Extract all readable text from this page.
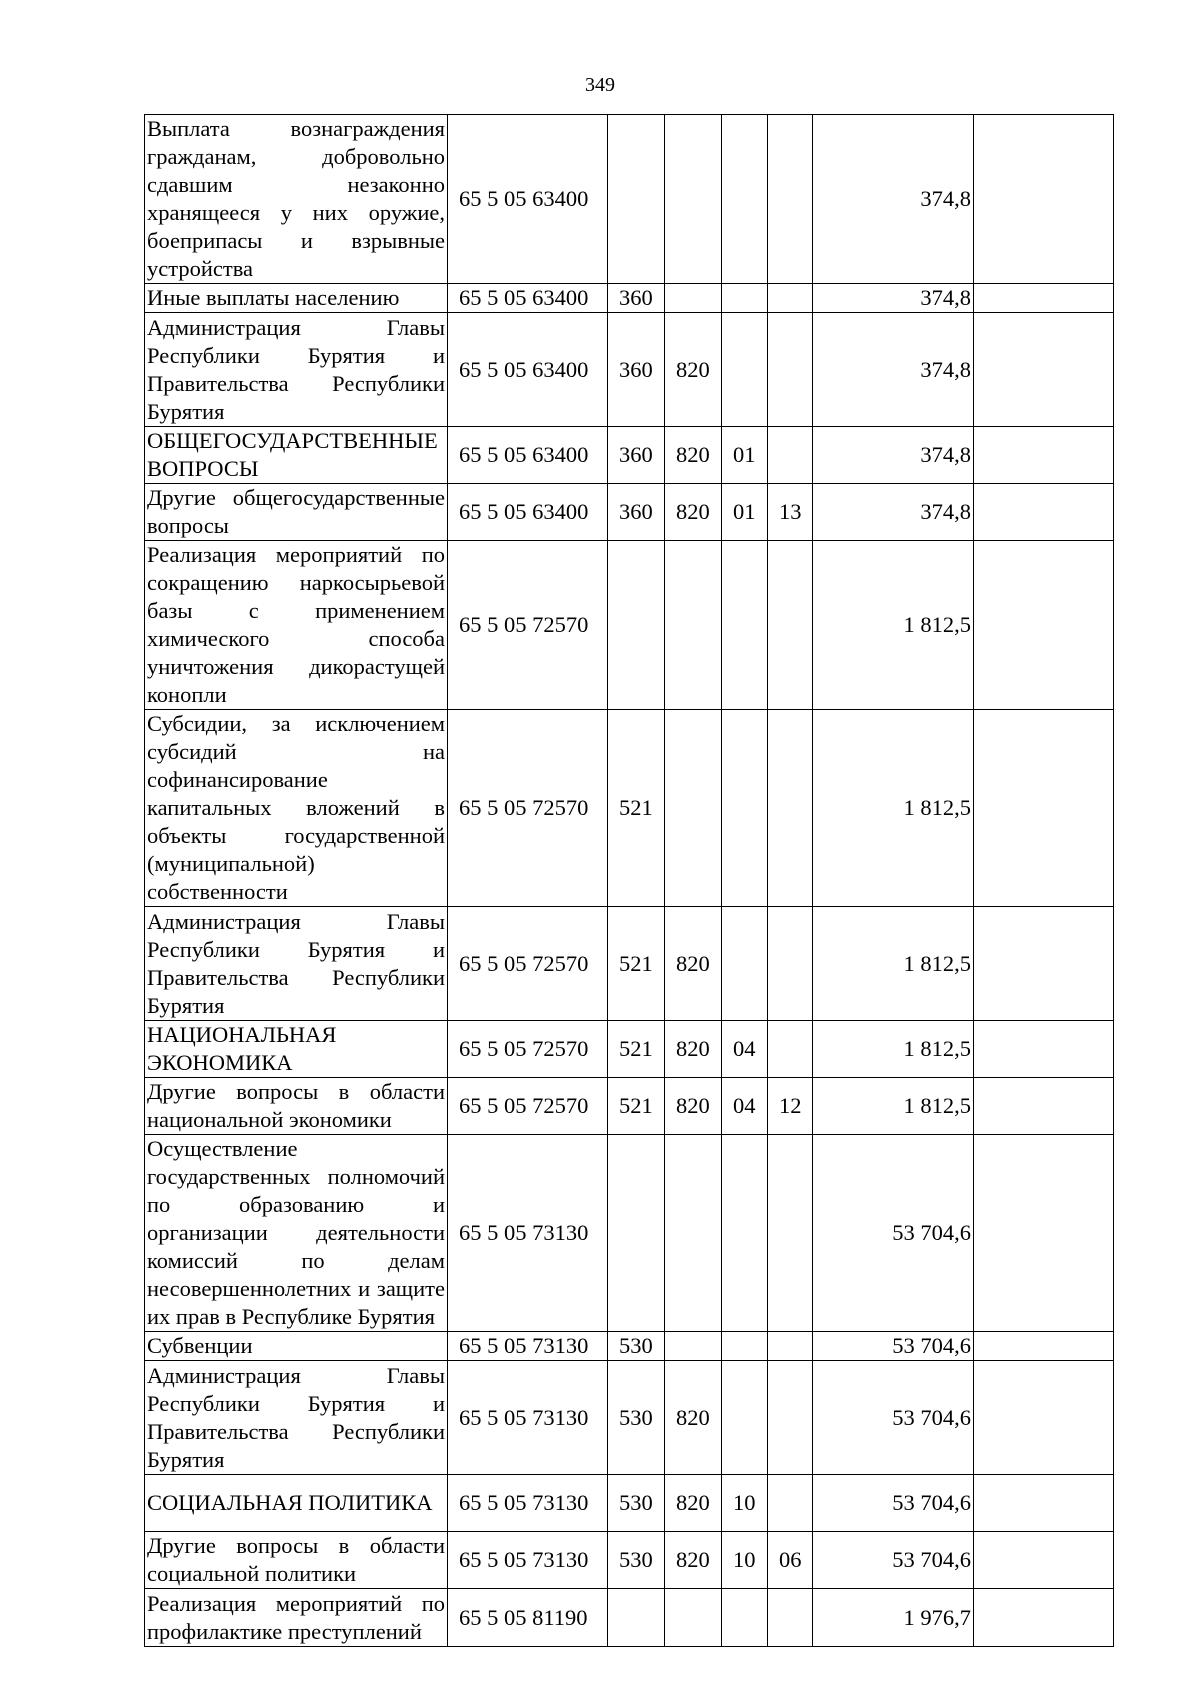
349
Выплата вознаграждения гражданам, добровольно сдавшим незаконно хранящееся у них оружие, боеприпасы и взрывные устройства	65 5 05 63400					374,8	
Иные выплаты населению	65 5 05 63400	360				374,8	
Администрация Главы Республики Бурятия и Правительства Республики Бурятия	65 5 05 63400	360	820			374,8	
ОБЩЕГОСУДАРСТВЕННЫЕ ВОПРОСЫ	65 5 05 63400	360	820	01		374,8	
Другие общегосударственные вопросы	65 5 05 63400	360	820	01	13	374,8	
Реализация мероприятий по сокращению наркосырьевой базы с применением химического способа уничтожения дикорастущей конопли	65 5 05 72570					1 812,5	
Субсидии, за исключением субсидий на софинансирование капитальных вложений в объекты государственной (муниципальной) собственности	65 5 05 72570	521				1 812,5	
Администрация Главы Республики Бурятия и Правительства Республики Бурятия	65 5 05 72570	521	820			1 812,5	
НАЦИОНАЛЬНАЯ ЭКОНОМИКА	65 5 05 72570	521	820	04		1 812,5	
Другие вопросы в области национальной экономики	65 5 05 72570	521	820	04	12	1 812,5	
Осуществление государственных полномочий по образованию и организации деятельности комиссий по делам несовершеннолетних и защите их прав в Республике Бурятия	65 5 05 73130					53 704,6	
Субвенции	65 5 05 73130	530				53 704,6	
Администрация Главы Республики Бурятия и Правительства Республики Бурятия	65 5 05 73130	530	820			53 704,6	
СОЦИАЛЬНАЯ ПОЛИТИКА	65 5 05 73130	530	820	10		53 704,6	
Другие вопросы в области социальной политики	65 5 05 73130	530	820	10	06	53 704,6	
Реализация мероприятий по профилактике преступлений	65 5 05 81190					1 976,7	
